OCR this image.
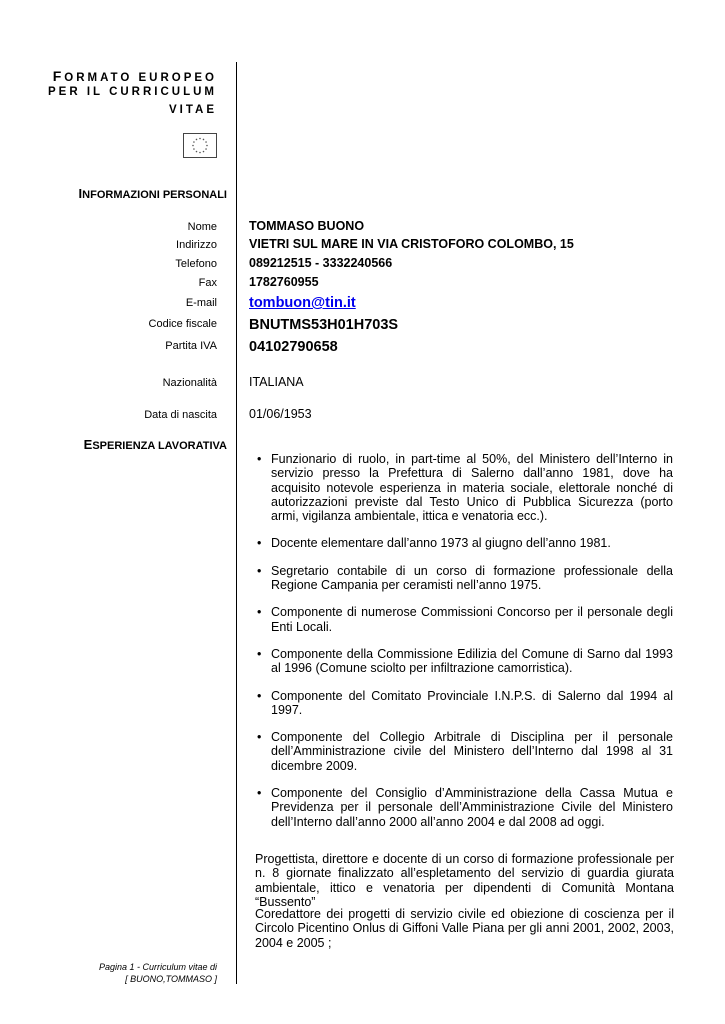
FORMATO EUROPEO
PER IL CURRICULUM
VITAE
INFORMAZIONI PERSONALI
Nome	TOMMASO BUONO
Indirizzo	VIETRI SUL MARE IN VIA CRISTOFORO COLOMBO, 15
Telefono	089212515 - 3332240566
Fax	1782760955
E-mail tombuon@tin.it
Codice fiscale BNUTMS53H01H703S
Partita IVA 04102790658
Nazionalità	ITALIANA
Data di nascita	01/06/1953
ESPERIENZA LAVORATIVA
• Funzionario di ruolo, in part-time al 50%, del Ministero dell’Interno in servizio presso la Prefettura di Salerno dall’anno 1981, dove ha acquisito notevole esperienza in materia sociale, elettorale nonché di autorizzazioni previste dal Testo Unico di Pubblica Sicurezza (porto armi, vigilanza ambientale, ittica e venatoria ecc.).
• Docente elementare dall’anno 1973 al giugno dell’anno 1981.
• Segretario contabile di un corso di formazione professionale della Regione Campania per ceramisti nell’anno 1975.
• Componente di numerose Commissioni Concorso per il personale degli Enti Locali.
• Componente della Commissione Edilizia del Comune di Sarno dal 1993 al 1996 (Comune sciolto per infiltrazione camorristica).
• Componente del Comitato Provinciale I.N.P.S. di Salerno dal 1994 al 1997.
• Componente del Collegio Arbitrale di Disciplina per il personale dell’Amministrazione civile del Ministero dell’Interno dal 1998 al 31 dicembre 2009.
• Componente del Consiglio d’Amministrazione della Cassa Mutua e Previdenza per il personale dell’Amministrazione Civile del Ministero dell’Interno dall’anno 2000 all’anno 2004 e dal 2008 ad oggi.
Progettista, direttore e docente di un corso di formazione professionale per n. 8 giornate finalizzato all’espletamento del servizio di guardia giurata ambientale, ittico e venatoria per dipendenti di Comunità Montana “Bussento”
Coredattore dei progetti di servizio civile ed obiezione di coscienza per il Circolo Picentino Onlus di Giffoni Valle Piana per gli anni 2001, 2002, 2003, 2004 e 2005 ;
Pagina 1 - Curriculum vitae di
[ BUONO,TOMMASO ]
